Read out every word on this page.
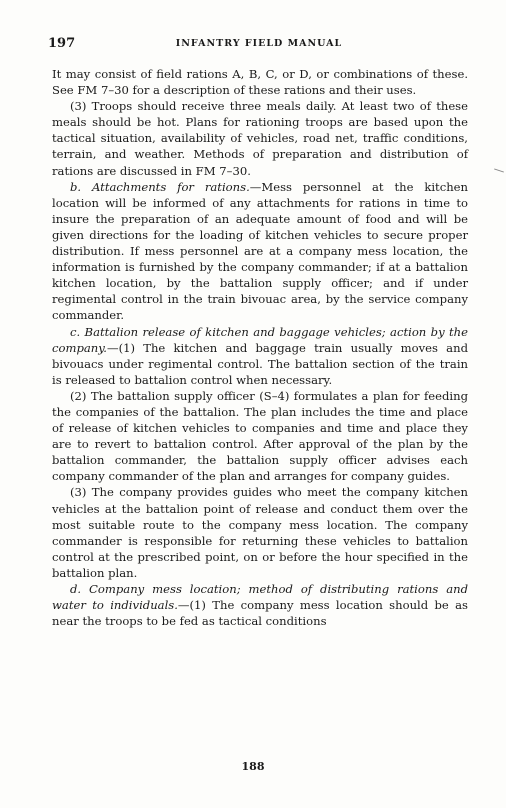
197	INFANTRY FIELD MANUAL

It may consist of field rations A, B, C, or D, or combinations of these. See FM 7–30 for a description of these rations and their uses.

(3) Troops should receive three meals daily. At least two of these meals should be hot. Plans for rationing troops are based upon the tactical situation, availability of vehicles, road net, traffic conditions, terrain, and weather. Methods of preparation and distribution of rations are discussed in FM 7–30.

b. Attachments for rations.—Mess personnel at the kitchen location will be informed of any attachments for rations in time to insure the preparation of an adequate amount of food and will be given directions for the loading of kitchen vehicles to secure proper distribution. If mess personnel are at a company mess location, the information is furnished by the company commander; if at a battalion kitchen location, by the battalion supply officer; and if under regimental control in the train bivouac area, by the service company commander.

c. Battalion release of kitchen and baggage vehicles; action by the company.—(1) The kitchen and baggage train usually moves and bivouacs under regimental control. The battalion section of the train is released to battalion control when necessary.

(2) The battalion supply officer (S–4) formulates a plan for feeding the companies of the battalion. The plan includes the time and place of release of kitchen vehicles to companies and time and place they are to revert to battalion control. After approval of the plan by the battalion commander, the battalion supply officer advises each company commander of the plan and arranges for company guides.

(3) The company provides guides who meet the company kitchen vehicles at the battalion point of release and conduct them over the most suitable route to the company mess location. The company commander is responsible for returning these vehicles to battalion control at the prescribed point, on or before the hour specified in the battalion plan.

d. Company mess location; method of distributing rations and water to individuals.—(1) The company mess location should be as near the troops to be fed as tactical conditions

188
